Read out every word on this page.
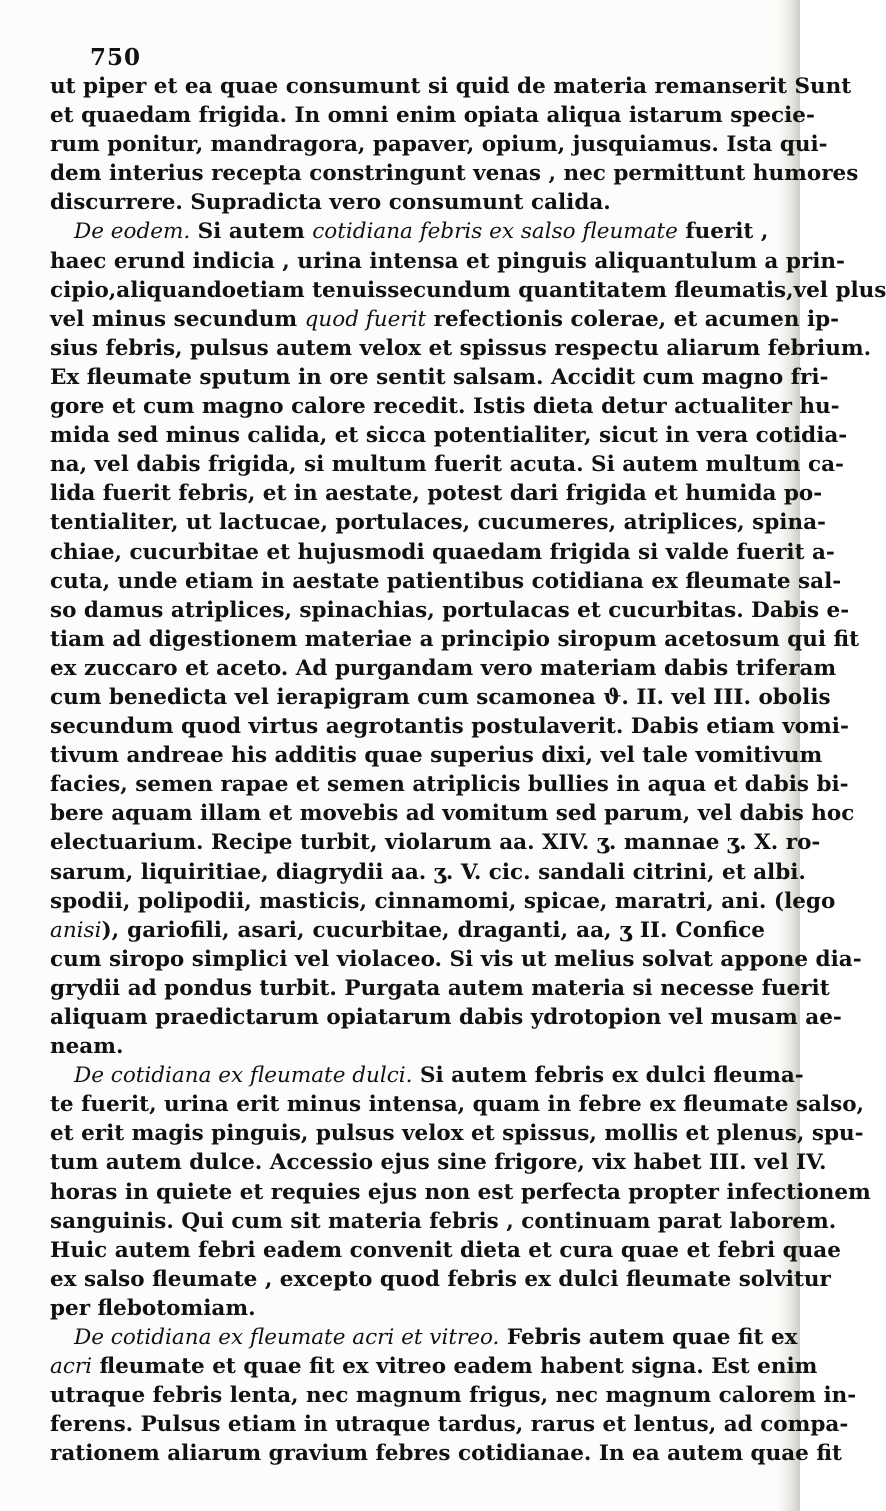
750
ut piper et ea quae consumunt si quid de materia remanserit Sunt
et quaedam frigida. In omni enim opiata aliqua istarum specie-
rum ponitur, mandragora, papaver, opium, jusquiamus. Ista qui-
dem interius recepta constringunt venas , nec permittunt humores
discurrere. Supradicta vero consumunt calida.
De eodem. Si autem cotidiana febris ex salso fleumate fuerit ,
haec erund indicia , urina intensa et pinguis aliquantulum a prin-
cipio,aliquandoetiam tenuissecundum quantitatem fleumatis,vel plus
vel minus secundum quod fuerit refectionis colerae, et acumen ip-
sius febris, pulsus autem velox et spissus respectu aliarum febrium.
Ex fleumate sputum in ore sentit salsam. Accidit cum magno fri-
gore et cum magno calore recedit. Istis dieta detur actualiter hu-
mida sed minus calida, et sicca potentialiter, sicut in vera cotidia-
na, vel dabis frigida, si multum fuerit acuta. Si autem multum ca-
lida fuerit febris, et in aestate, potest dari frigida et humida po-
tentialiter, ut lactucae, portulaces, cucumeres, atriplices, spina-
chiae, cucurbitae et hujusmodi quaedam frigida si valde fuerit a-
cuta, unde etiam in aestate patientibus cotidiana ex fleumate sal-
so damus atriplices, spinachias, portulacas et cucurbitas. Dabis e-
tiam ad digestionem materiae a principio siropum acetosum qui fit
ex zuccaro et aceto. Ad purgandam vero materiam dabis triferam
cum benedicta vel ierapigram cum scamonea ϑ. II. vel III. obolis
secundum quod virtus aegrotantis postulaverit. Dabis etiam vomi-
tivum andreae his additis quae superius dixi, vel tale vomitivum
facies, semen rapae et semen atriplicis bullies in aqua et dabis bi-
bere aquam illam et movebis ad vomitum sed parum, vel dabis hoc
electuarium. Recipe turbit, violarum aa. XIV. ʒ. mannae ʒ. X. ro-
sarum, liquiritiae, diagrydii aa. ʒ. V. cic. sandali citrini, et albi.
spodii, polipodii, masticis, cinnamomi, spicae, maratri, ani. (lego
anisi), gariofili, asari, cucurbitae, draganti, aa, ʒ II. Confice
cum siropo simplici vel violaceo. Si vis ut melius solvat appone dia-
grydii ad pondus turbit. Purgata autem materia si necesse fuerit
aliquam praedictarum opiatarum dabis ydrotopion vel musam ae-
neam.
De cotidiana ex fleumate dulci. Si autem febris ex dulci fleuma-
te fuerit, urina erit minus intensa, quam in febre ex fleumate salso,
et erit magis pinguis, pulsus velox et spissus, mollis et plenus, spu-
tum autem dulce. Accessio ejus sine frigore, vix habet III. vel IV.
horas in quiete et requies ejus non est perfecta propter infectionem
sanguinis. Qui cum sit materia febris , continuam parat laborem.
Huic autem febri eadem convenit dieta et cura quae et febri quae
ex salso fleumate , excepto quod febris ex dulci fleumate solvitur
per flebotomiam.
De cotidiana ex fleumate acri et vitreo. Febris autem quae fit ex
acri fleumate et quae fit ex vitreo eadem habent signa. Est enim
utraque febris lenta, nec magnum frigus, nec magnum calorem in-
ferens. Pulsus etiam in utraque tardus, rarus et lentus, ad compa-
rationem aliarum gravium febres cotidianae. In ea autem quae fit
